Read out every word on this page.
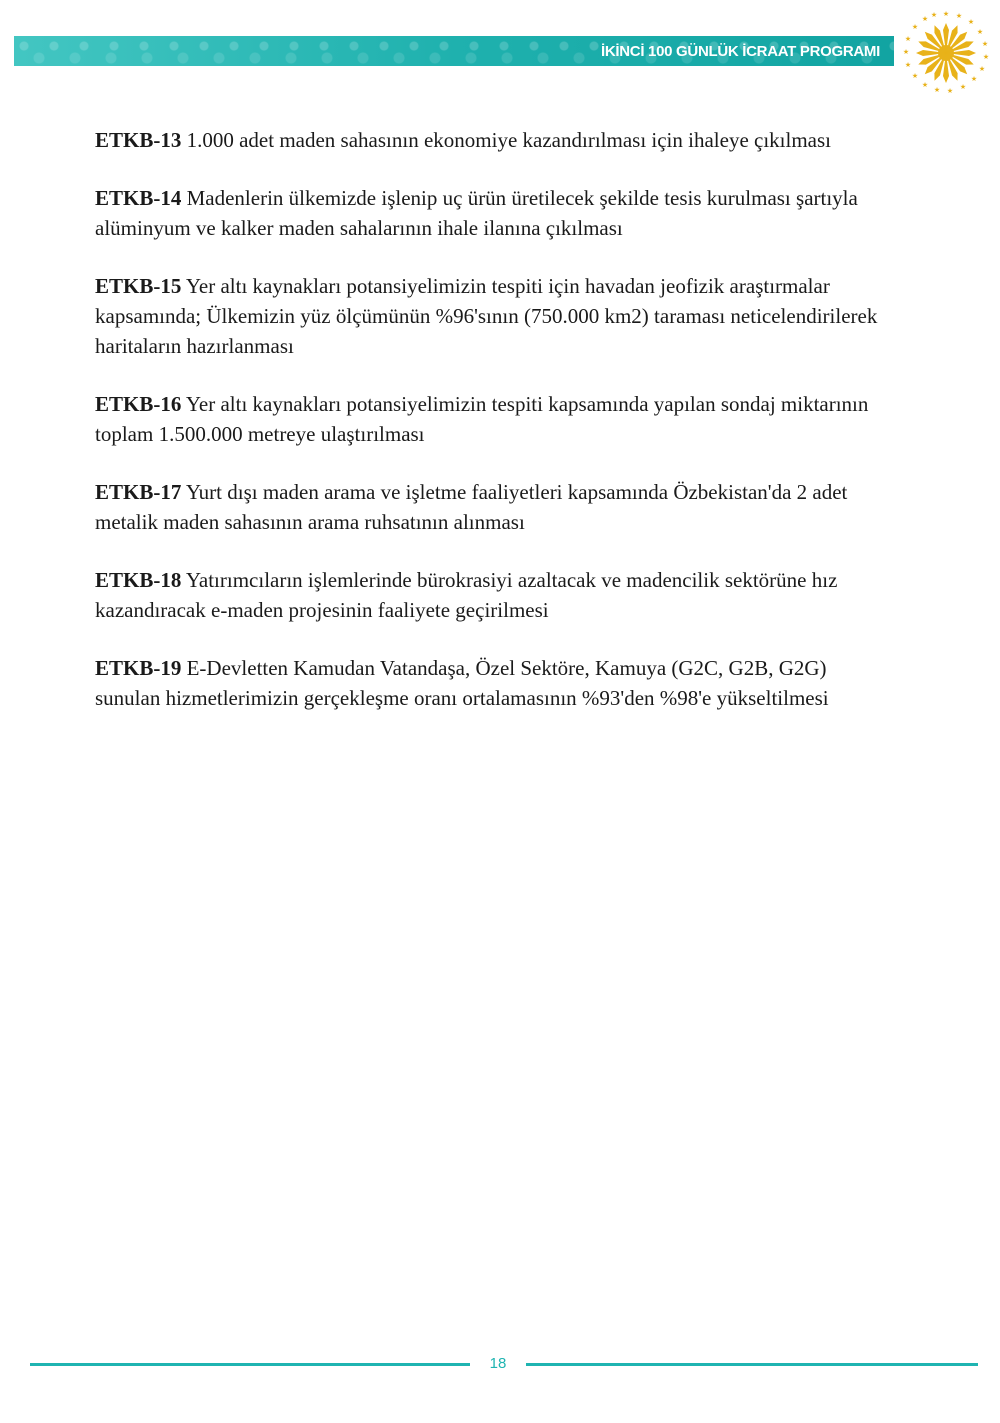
İKİNCİ 100 GÜNLÜK İCRAAT PROGRAMI
★ ★
★
★
★
★
★
★
★
★
★
★
★
★
★
★
★
★ ★

ETKB-13 1.000 adet maden sahasının ekonomiye kazandırılması için ihaleye çıkılması

ETKB-14 Madenlerin ülkemizde işlenip uç ürün üretilecek şekilde tesis kurulması şartıyla alüminyum ve kalker maden sahalarının ihale ilanına çıkılması

ETKB-15 Yer altı kaynakları potansiyelimizin tespiti için havadan jeofizik araştırmalar kapsamında; Ülkemizin yüz ölçümünün %96'sının (750.000 km2) taraması neticelendirilerek haritaların hazırlanması

ETKB-16 Yer altı kaynakları potansiyelimizin tespiti kapsamında yapılan sondaj miktarının toplam 1.500.000 metreye ulaştırılması

ETKB-17 Yurt dışı maden arama ve işletme faaliyetleri kapsamında Özbekistan'da 2 adet metalik maden sahasının arama ruhsatının alınması

ETKB-18 Yatırımcıların işlemlerinde bürokrasiyi azaltacak ve madencilik sektörüne hız kazandıracak e-maden projesinin faaliyete geçirilmesi

ETKB-19 E-Devletten Kamudan Vatandaşa, Özel Sektöre, Kamuya (G2C, G2B, G2G) sunulan hizmetlerimizin gerçekleşme oranı ortalamasının %93'den %98'e yükseltilmesi

18
